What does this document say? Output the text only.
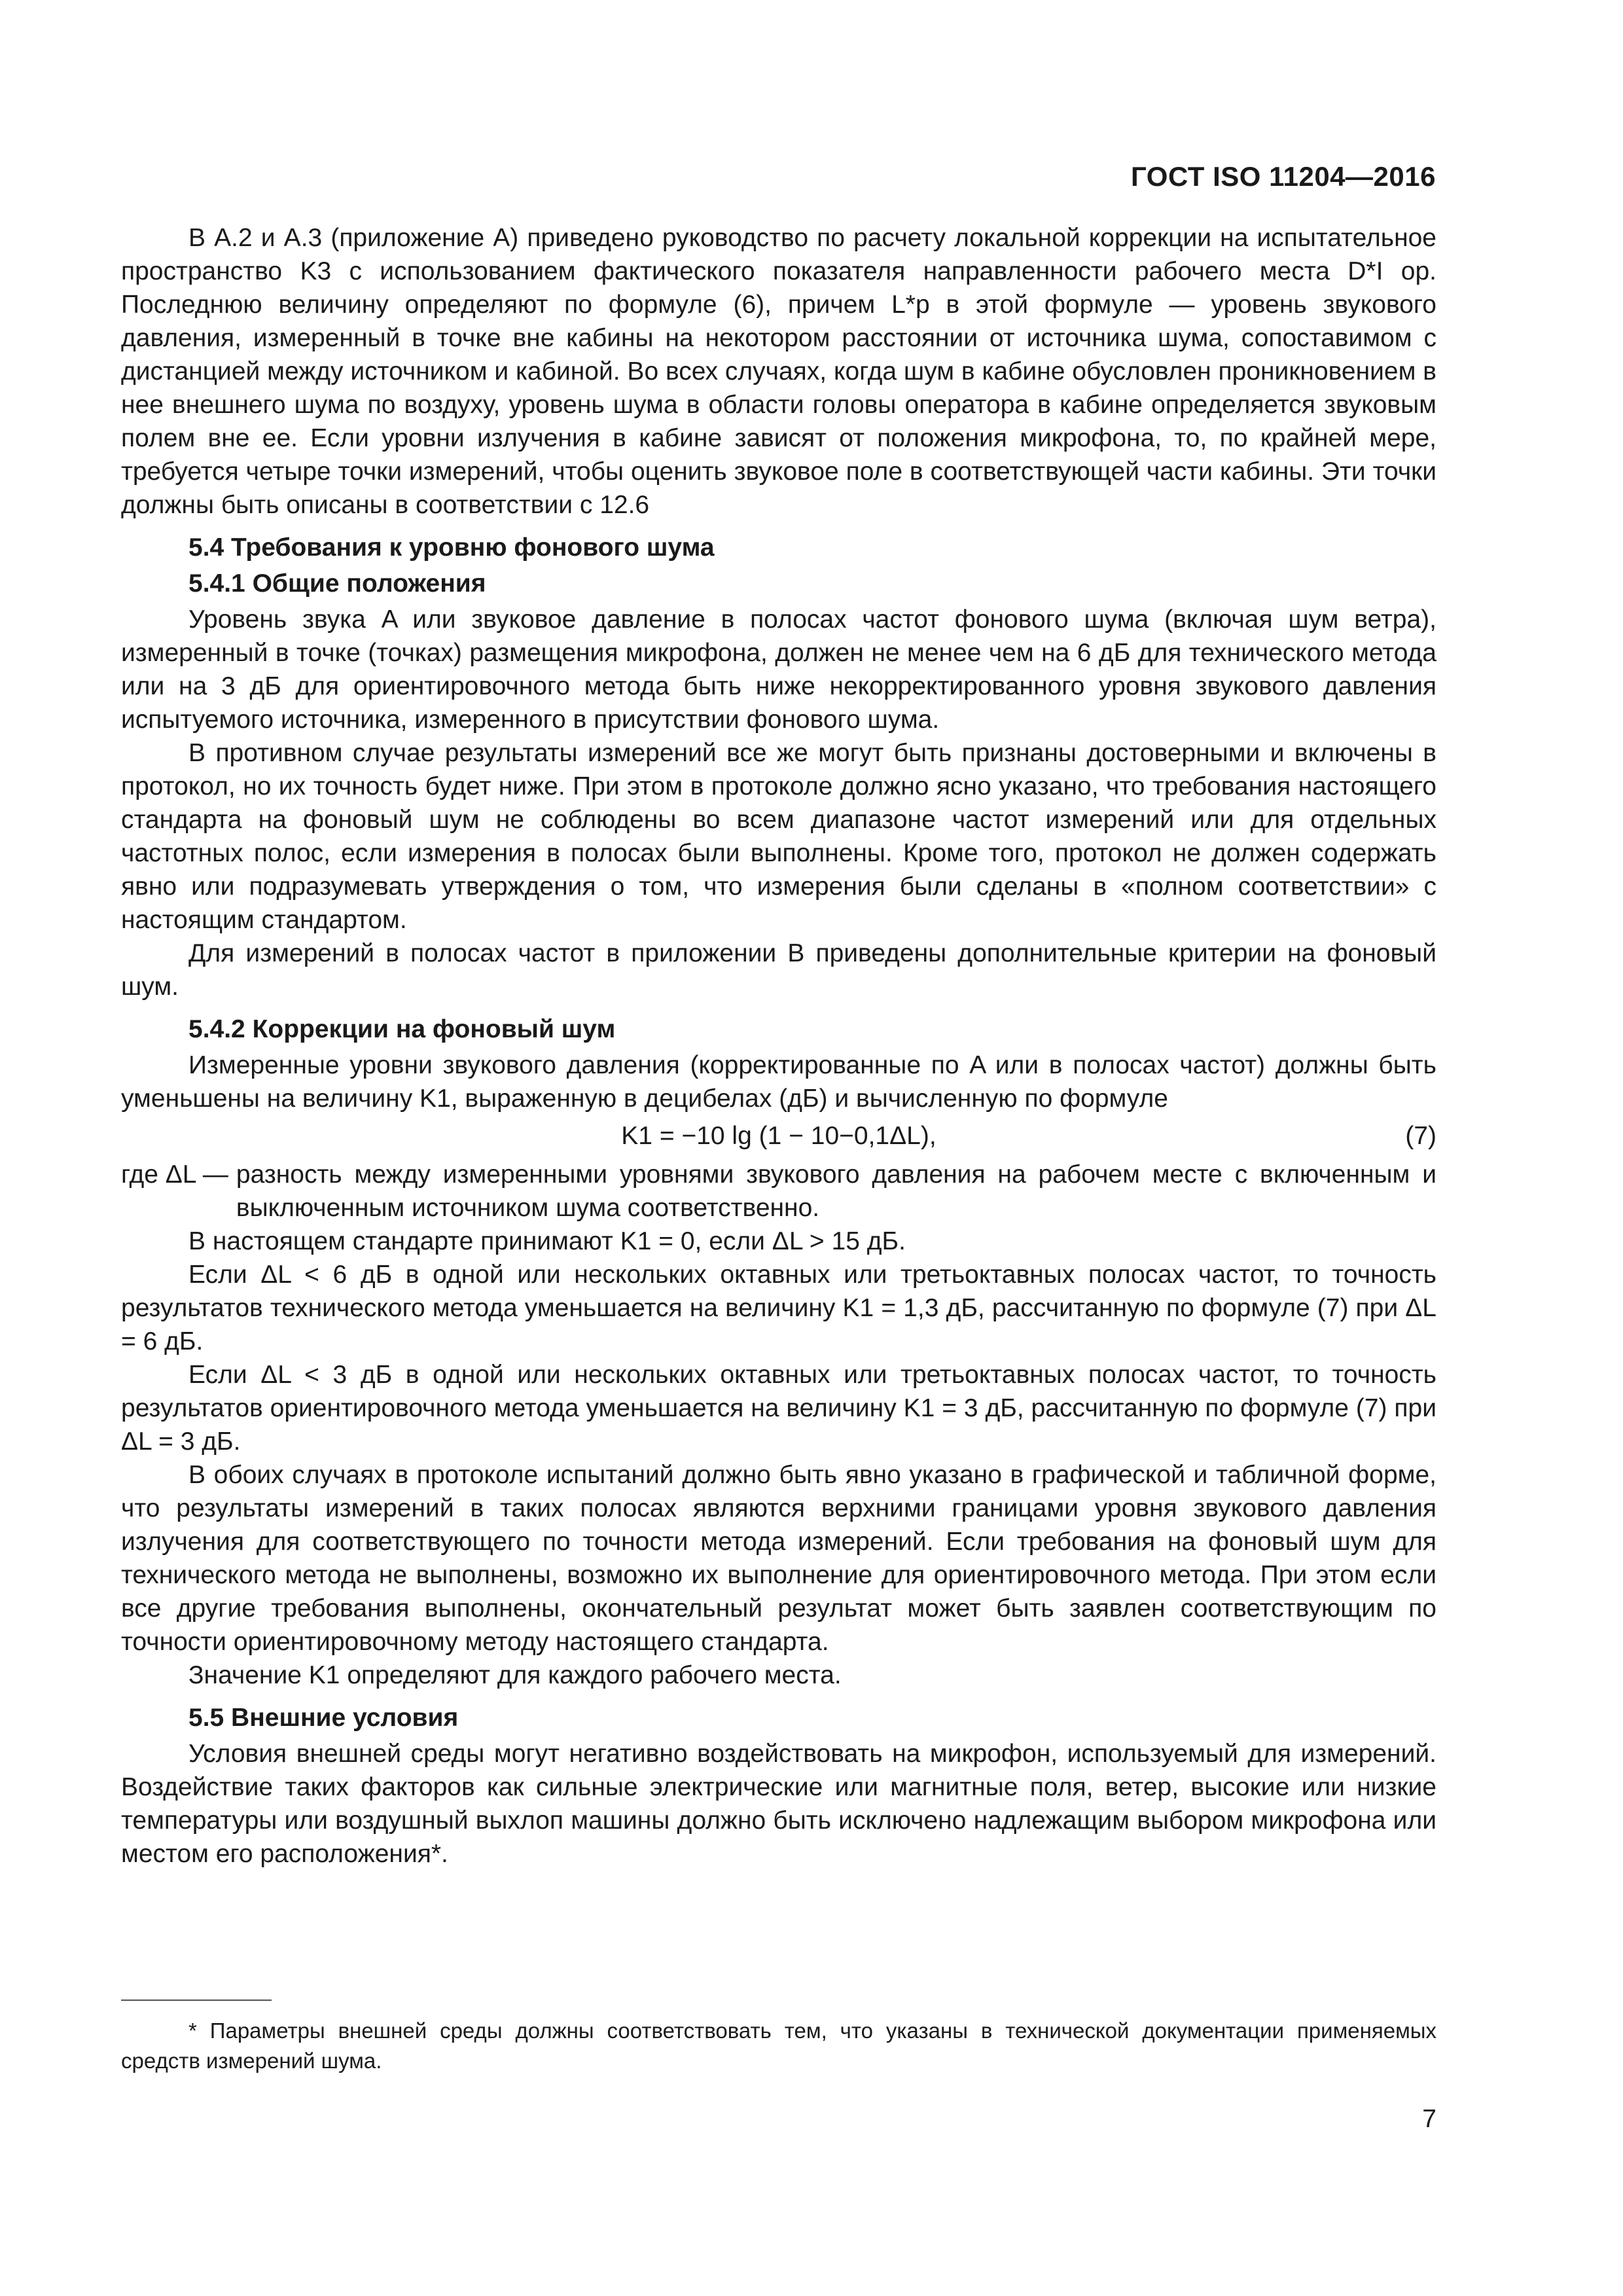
ГОСТ ISO 11204—2016

В А.2 и А.3 (приложение А) приведено руководство по расчету локальной коррекции на испытательное пространство K3 с использованием фактического показателя направленности рабочего места D*I op. Последнюю величину определяют по формуле (6), причем L*p в этой формуле — уровень звукового давления, измеренный в точке вне кабины на некотором расстоянии от источника шума, сопоставимом с дистанцией между источником и кабиной. Во всех случаях, когда шум в кабине обусловлен проникновением в нее внешнего шума по воздуху, уровень шума в области головы оператора в кабине определяется звуковым полем вне ее. Если уровни излучения в кабине зависят от положения микрофона, то, по крайней мере, требуется четыре точки измерений, чтобы оценить звуковое поле в соответствующей части кабины. Эти точки должны быть описаны в соответствии с 12.6

5.4 Требования к уровню фонового шума

5.4.1 Общие положения

Уровень звука A или звуковое давление в полосах частот фонового шума (включая шум ветра), измеренный в точке (точках) размещения микрофона, должен не менее чем на 6 дБ для технического метода или на 3 дБ для ориентировочного метода быть ниже некорректированного уровня звукового давления испытуемого источника, измеренного в присутствии фонового шума.

В противном случае результаты измерений все же могут быть признаны достоверными и включены в протокол, но их точность будет ниже. При этом в протоколе должно ясно указано, что требования настоящего стандарта на фоновый шум не соблюдены во всем диапазоне частот измерений или для отдельных частотных полос, если измерения в полосах были выполнены. Кроме того, протокол не должен содержать явно или подразумевать утверждения о том, что измерения были сделаны в «полном соответствии» с настоящим стандартом.

Для измерений в полосах частот в приложении В приведены дополнительные критерии на фоновый шум.

5.4.2 Коррекции на фоновый шум

Измеренные уровни звукового давления (корректированные по A или в полосах частот) должны быть уменьшены на величину K1, выраженную в децибелах (дБ) и вычисленную по формуле

K1 = −10 lg (1 − 10−0,1ΔL),	(7)
где ΔL — разность между измеренными уровнями звукового давления на рабочем месте с включенным и выключенным источником шума соответственно.

В настоящем стандарте принимают K1 = 0, если ΔL > 15 дБ.

Если ΔL < 6 дБ в одной или нескольких октавных или третьоктавных полосах частот, то точность результатов технического метода уменьшается на величину K1 = 1,3 дБ, рассчитанную по формуле (7) при ΔL = 6 дБ.

Если ΔL < 3 дБ в одной или нескольких октавных или третьоктавных полосах частот, то точность результатов ориентировочного метода уменьшается на величину K1 = 3 дБ, рассчитанную по формуле (7) при ΔL = 3 дБ.

В обоих случаях в протоколе испытаний должно быть явно указано в графической и табличной форме, что результаты измерений в таких полосах являются верхними границами уровня звукового давления излучения для соответствующего по точности метода измерений. Если требования на фоновый шум для технического метода не выполнены, возможно их выполнение для ориентировочного метода. При этом если все другие требования выполнены, окончательный результат может быть заявлен соответствующим по точности ориентировочному методу настоящего стандарта.

Значение K1 определяют для каждого рабочего места.

5.5 Внешние условия

Условия внешней среды могут негативно воздействовать на микрофон, используемый для измерений. Воздействие таких факторов как сильные электрические или магнитные поля, ветер, высокие или низкие температуры или воздушный выхлоп машины должно быть исключено надлежащим выбором микрофона или местом его расположения*.

* Параметры внешней среды должны соответствовать тем, что указаны в технической документации применяемых средств измерений шума.

7
